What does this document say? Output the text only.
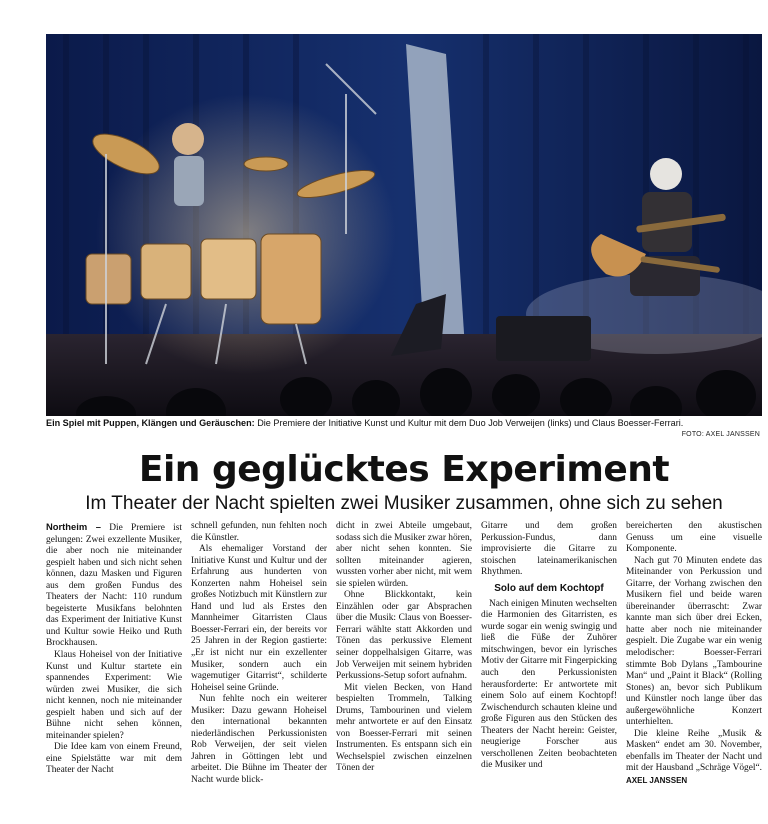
Ein Spiel mit Puppen, Klängen und Geräuschen: Die Premiere der Initiative Kunst und Kultur mit dem Duo Job Verweijen (links) und Claus Boesser-Ferrari.
FOTO: AXEL JANSSEN
Ein geglücktes Experiment
Im Theater der Nacht spielten zwei Musiker zusammen, ohne sich zu sehen

Northeim – Die Premiere ist gelungen: Zwei exzellente Musiker, die aber noch nie miteinander gespielt haben und sich nicht sehen können, dazu Masken und Figuren aus dem großen Fundus des Theaters der Nacht: 110 rundum begeisterte Musikfans belohnten das Experiment der Initiative Kunst und Kultur sowie Heiko und Ruth Brockhausen.

Klaus Hoheisel von der Initiative Kunst und Kultur startete ein spannendes Experiment: Wie würden zwei Musiker, die sich nicht kennen, noch nie miteinander gespielt haben und sich auf der Bühne nicht sehen können, miteinander spielen?

Die Idee kam von einem Freund, eine Spielstätte war mit dem Theater der Nacht

schnell gefunden, nun fehlten noch die Künstler.

Als ehemaliger Vorstand der Initiative Kunst und Kultur und der Erfahrung aus hunderten von Konzerten nahm Hoheisel sein großes Notizbuch mit Künstlern zur Hand und lud als Erstes den Mannheimer Gitarristen Claus Boesser-Ferrari ein, der bereits vor 25 Jahren in der Region gastierte: „Er ist nicht nur ein exzellenter Musiker, sondern auch ein wagemutiger Gitarrist“, schilderte Hoheisel seine Gründe.

Nun fehlte noch ein weiterer Musiker: Dazu gewann Hoheisel den international bekannten niederländischen Perkussionisten Rob Verweijen, der seit vielen Jahren in Göttingen lebt und arbeitet. Die Bühne im Theater der Nacht wurde blick-

dicht in zwei Abteile umgebaut, sodass sich die Musiker zwar hören, aber nicht sehen konnten. Sie sollten miteinander agieren, wussten vorher aber nicht, mit wem sie spielen würden.

Ohne Blickkontakt, kein Einzählen oder gar Absprachen über die Musik: Claus von Boesser-Ferrari wählte statt Akkorden und Tönen das perkussive Element seiner doppelhalsigen Gitarre, was Job Verweijen mit seinem hybriden Perkussions-Setup sofort aufnahm.

Mit vielen Becken, von Hand bespielten Trommeln, Talking Drums, Tambourinen und vielem mehr antwortete er auf den Einsatz von Boesser-Ferrari mit seinen Instrumenten. Es entspann sich ein Wechselspiel zwischen einzelnen Tönen der

Gitarre und dem großen Perkussion-Fundus, dann improvisierte die Gitarre zu stoischen lateinamerikanischen Rhythmen.

Solo auf dem Kochtopf

Nach einigen Minuten wechselten die Harmonien des Gitarristen, es wurde sogar ein wenig swingig und ließ die Füße der Zuhörer mitschwingen, bevor ein lyrisches Motiv der Gitarre mit Fingerpicking auch den Perkussionisten herausforderte: Er antwortete mit einem Solo auf einem Kochtopf! Zwischendurch schauten kleine und große Figuren aus den Stücken des Theaters der Nacht herein: Geister, neugierige Forscher aus verschollenen Zeiten beobachteten die Musiker und

bereicherten den akustischen Genuss um eine visuelle Komponente.

Nach gut 70 Minuten endete das Miteinander von Perkussion und Gitarre, der Vorhang zwischen den Musikern fiel und beide waren übereinander überrascht: Zwar kannte man sich über drei Ecken, hatte aber noch nie miteinander gespielt. Die Zugabe war ein wenig melodischer: Boesser-Ferrari stimmte Bob Dylans „Tambourine Man“ und „Paint it Black“ (Rolling Stones) an, bevor sich Publikum und Künstler noch lange über das außergewöhnliche Konzert unterhielten.

Die kleine Reihe „Musik & Masken“ endet am 30. November, ebenfalls im Theater der Nacht und mit der Hausband „Schräge Vögel“. AXEL JANSSEN
